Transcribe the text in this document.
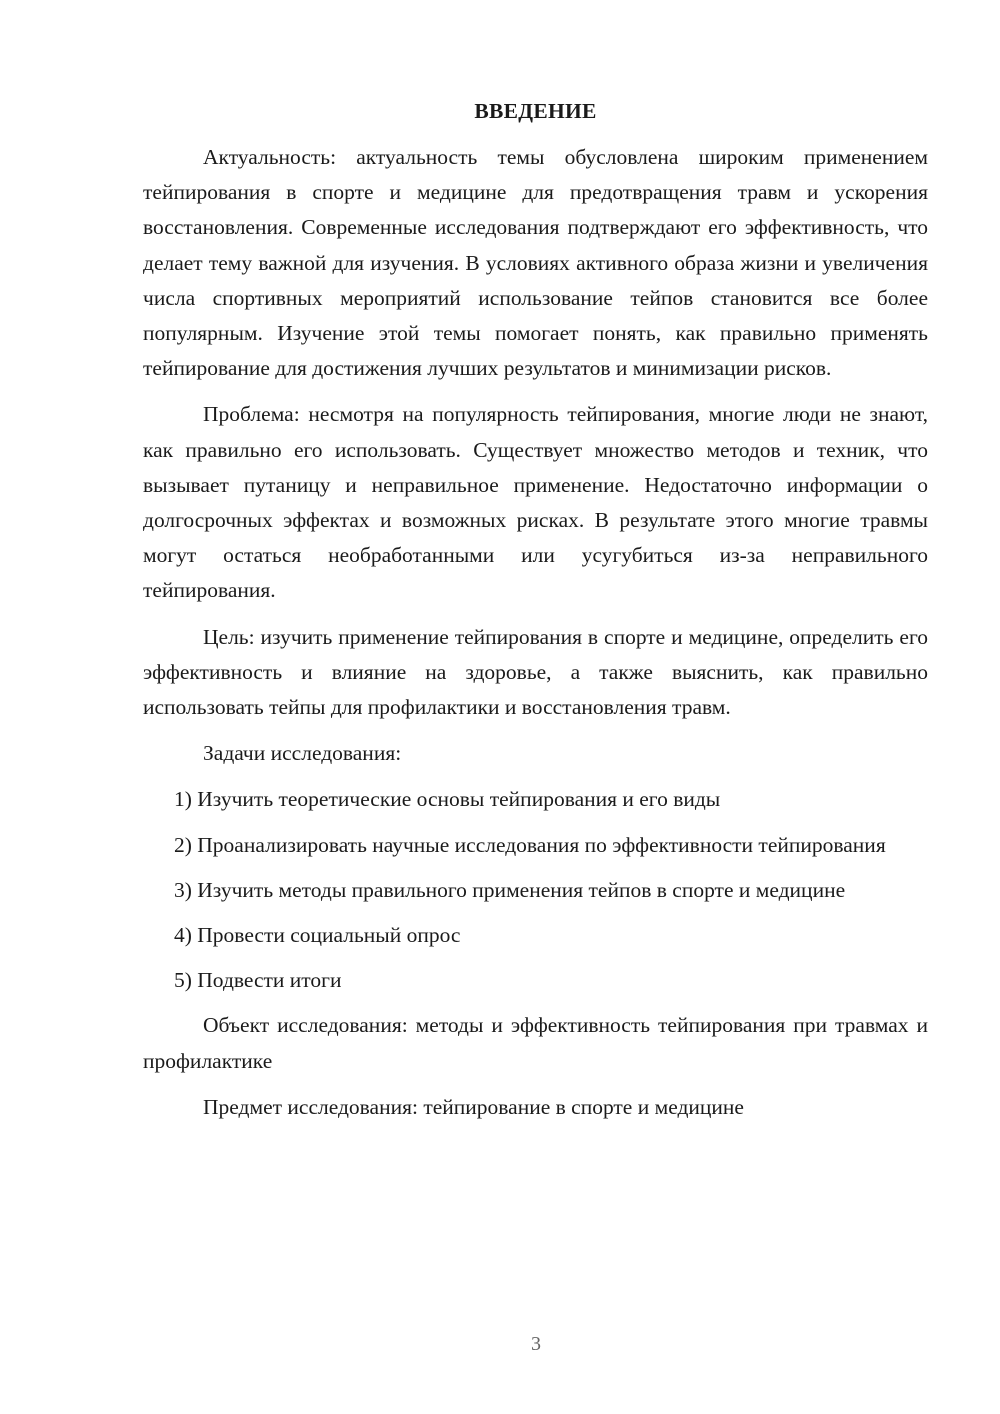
ВВЕДЕНИЕ

Актуальность: актуальность темы обусловлена широким применением тейпирования в спорте и медицине для предотвращения травм и ускорения восстановления. Современные исследования подтверждают его эффективность, что делает тему важной для изучения. В условиях активного образа жизни и увеличения числа спортивных мероприятий использование тейпов становится все более популярным. Изучение этой темы помогает понять, как правильно применять тейпирование для достижения лучших результатов и минимизации рисков.

Проблема: несмотря на популярность тейпирования, многие люди не знают, как правильно его использовать. Существует множество методов и техник, что вызывает путаницу и неправильное применение. Недостаточно информации о долгосрочных эффектах и возможных рисках. В результате этого многие травмы могут остаться необработанными или усугубиться из-за неправильного тейпирования.

Цель: изучить применение тейпирования в спорте и медицине, определить его эффективность и влияние на здоровье, а также выяснить, как правильно использовать тейпы для профилактики и восстановления травм.

Задачи исследования:

1) Изучить теоретические основы тейпирования и его виды

2) Проанализировать научные исследования по эффективности тейпирования

3) Изучить методы правильного применения тейпов в спорте и медицине

4) Провести социальный опрос

5) Подвести итоги

Объект исследования: методы и эффективность тейпирования при травмах и профилактике

Предмет исследования: тейпирование в спорте и медицине

3
